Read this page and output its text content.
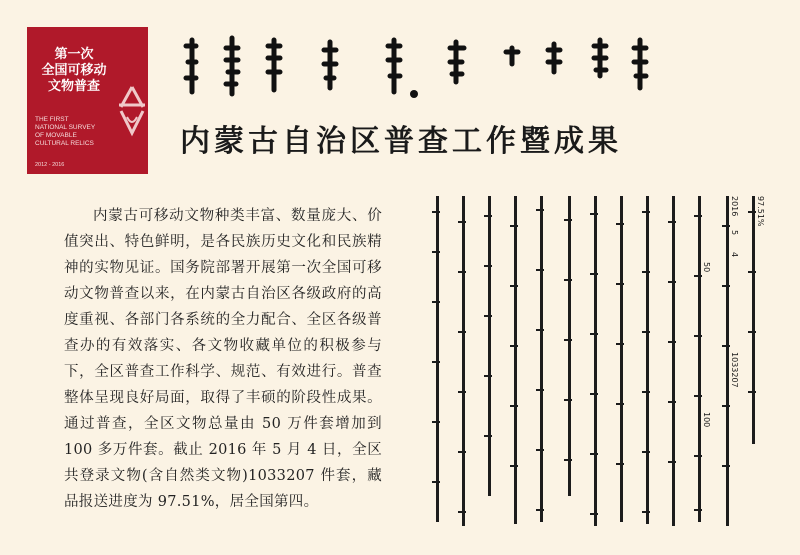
第一次
全国可移动
文物普查
THE FIRST
NATIONAL SURVEY
OF MOVABLE
CULTURAL RELICS
2012 - 2016
内蒙古自治区普查工作暨成果
内蒙古可移动文物种类丰富、数量庞大、价值突出、特色鲜明，是各民族历史文化和民族精神的实物见证。国务院部署开展第一次全国可移动文物普查以来，在内蒙古自治区各级政府的高度重视、各部门各系统的全力配合、全区各级普查办的有效落实、各文物收藏单位的积极参与下，全区普查工作科学、规范、有效进行。普查整体呈现良好局面，取得了丰硕的阶段性成果。通过普查，全区文物总量由 50 万件套增加到 100 多万件套。截止 2016 年 5 月 4 日，全区共登录文物(含自然类文物)1033207 件套，藏品报送进度为 97.51%，居全国第四。
97.51%
2016
5
4
50
100
1033207
